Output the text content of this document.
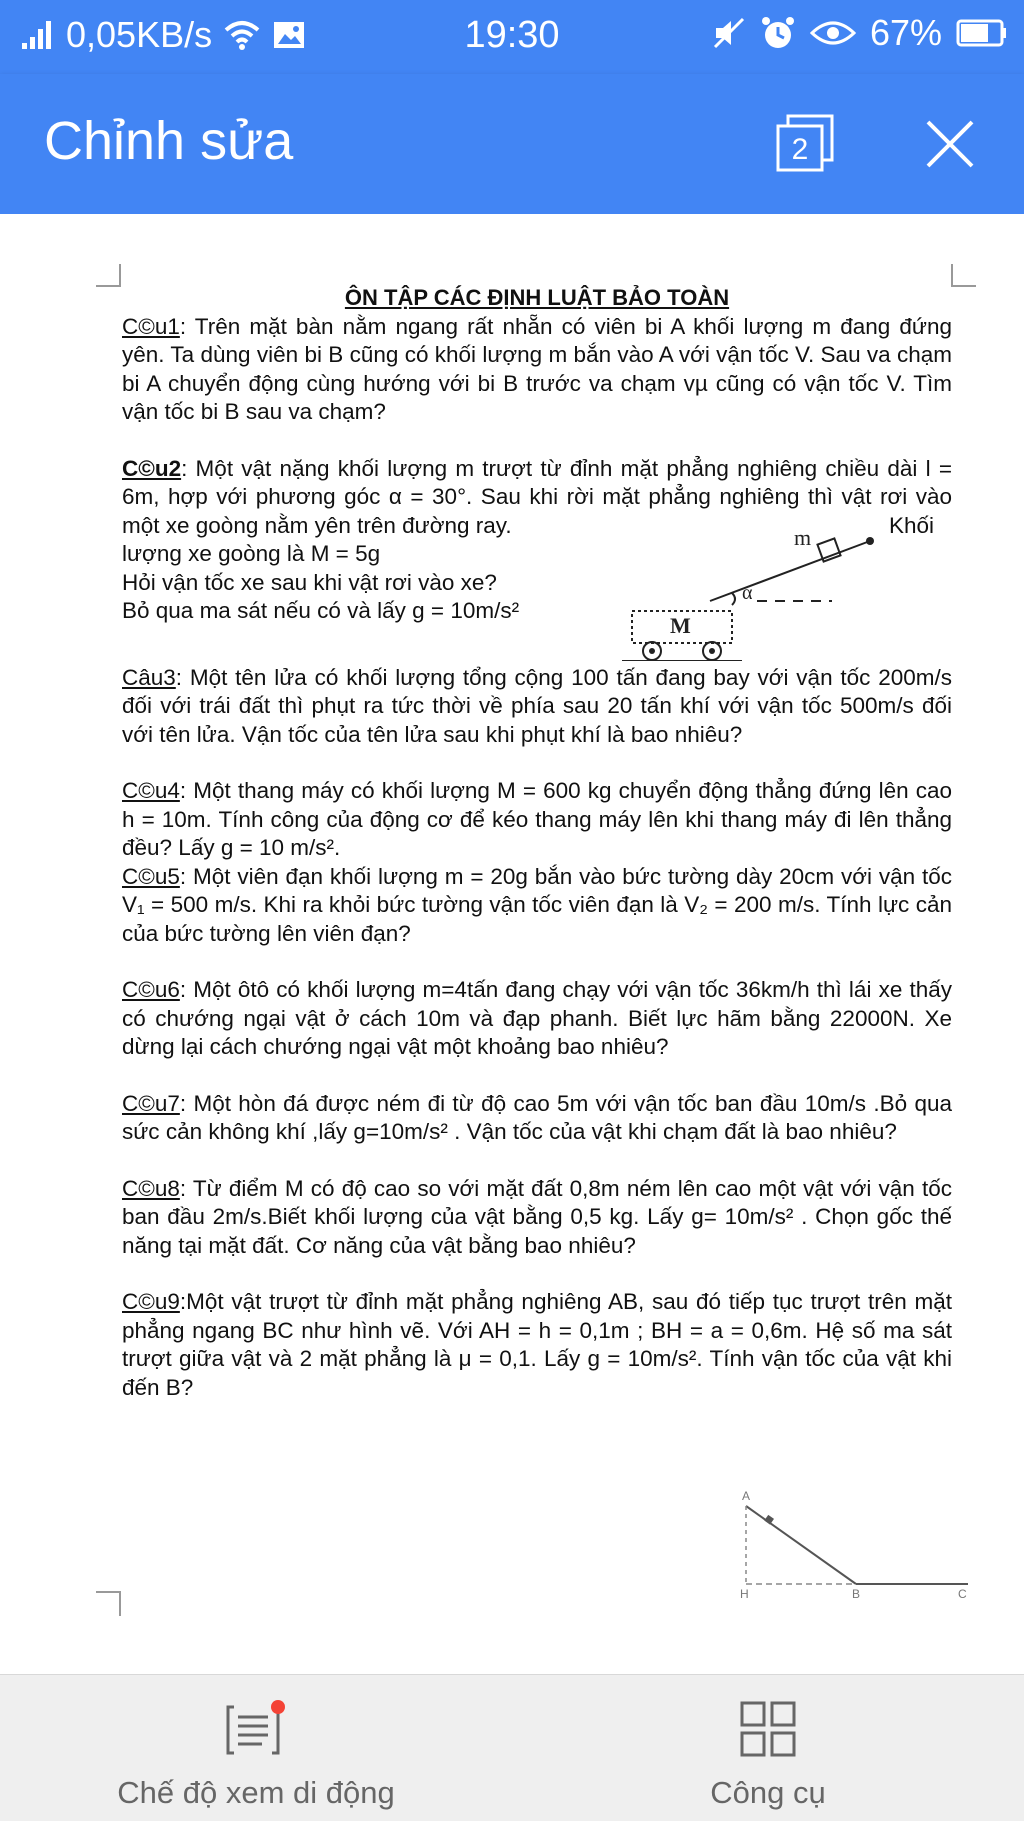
0,05KB/s	19:30	67%
Chỉnh sửa	2

ÔN TẬP CÁC ĐỊNH LUẬT BẢO TOÀN

C©u1: Trên mặt bàn nằm ngang rất nhẵn có viên bi A khối lượng m đang đứng yên. Ta dùng viên bi B cũng có khối lượng m bắn vào A với vận tốc V. Sau va chạm bi A chuyển động cùng hướng với bi B trước va chạm vµ cũng có vận tốc V. Tìm vận tốc bi B sau va chạm?

C©u2: Một vật nặng khối lượng m trượt từ đỉnh mặt phẳng nghiêng chiều dài l = 6m, hợp với phương góc α = 30°. Sau khi rời mặt phẳng nghiêng thì vật rơi vào một xe goòng nằm yên trên đường ray.	Khối
lượng xe goòng là M = 5g
Hỏi vận tốc xe sau khi vật rơi vào xe?
Bỏ qua ma sát nếu có và lấy g = 10m/s²
m
α
M

Câu3: Một tên lửa có khối lượng tổng cộng 100 tấn đang bay với vận tốc 200m/s đối với trái đất thì phụt ra tức thời về phía sau 20 tấn khí với vận tốc 500m/s đối với tên lửa. Vận tốc của tên lửa sau khi phụt khí là bao nhiêu?

C©u4: Một thang máy có khối lượng M = 600 kg chuyển động thẳng đứng lên cao h = 10m. Tính công của động cơ để kéo thang máy lên khi thang máy đi lên thẳng đều? Lấy g = 10 m/s².

C©u5: Một viên đạn khối lượng m = 20g bắn vào bức tường dày 20cm với vận tốc V₁ = 500 m/s. Khi ra khỏi bức tường vận tốc viên đạn là V₂ = 200 m/s. Tính lực cản của bức tường lên viên đạn?

C©u6: Một ôtô có khối lượng m=4tấn đang chạy với vận tốc 36km/h thì lái xe thấy có chướng ngại vật ở cách 10m và đạp phanh. Biết lực hãm bằng 22000N. Xe dừng lại cách chướng ngại vật một khoảng bao nhiêu?

C©u7: Một hòn đá được ném đi từ độ cao 5m với vận tốc ban đầu 10m/s .Bỏ qua sức cản không khí ,lấy g=10m/s² . Vận tốc của vật khi chạm đất là bao nhiêu?

C©u8: Từ điểm M có độ cao so với mặt đất 0,8m ném lên cao một vật với vận tốc ban đầu 2m/s.Biết khối lượng của vật bằng 0,5 kg. Lấy g= 10m/s² . Chọn gốc thế năng tại mặt đất. Cơ năng của vật bằng bao nhiêu?

C©u9:Một vật trượt từ đỉnh mặt phẳng nghiêng AB, sau đó tiếp tục trượt trên mặt phẳng ngang BC như hình vẽ. Với AH = h = 0,1m ; BH = a = 0,6m. Hệ số ma sát trượt giữa vật và 2 mặt phẳng là μ = 0,1. Lấy g = 10m/s². Tính vận tốc của vật khi đến B?

A
H	B	C
Chế độ xem di động	Công cụ
